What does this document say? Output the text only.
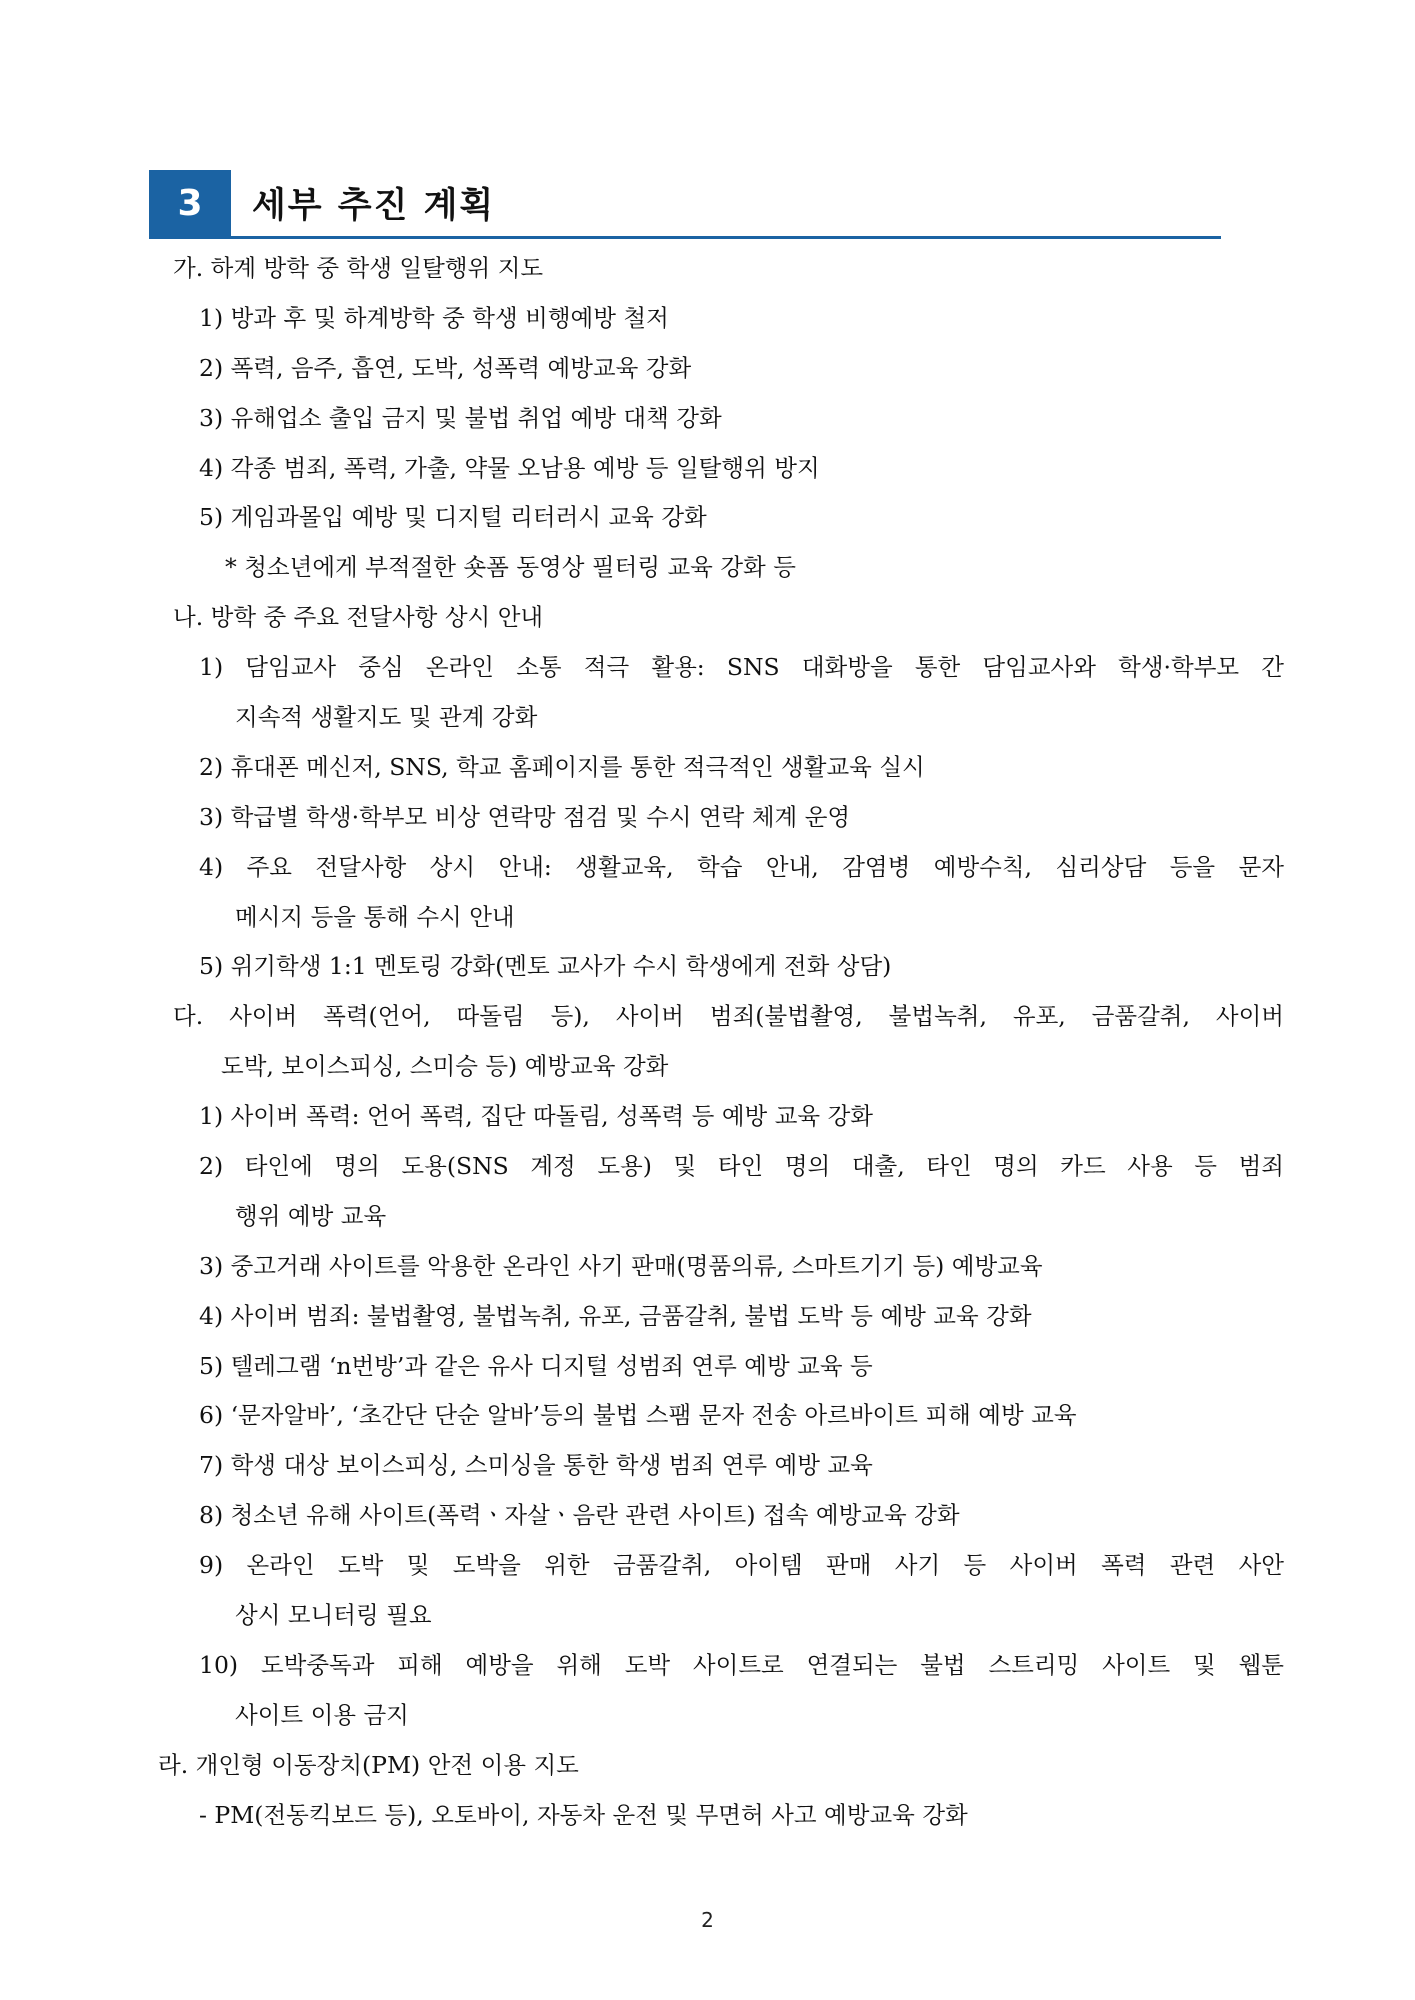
3	세부 추진 계획
가. 하계 방학 중 학생 일탈행위 지도
1) 방과 후 및 하계방학 중 학생 비행예방 철저
2) 폭력, 음주, 흡연, 도박, 성폭력 예방교육 강화
3) 유해업소 출입 금지 및 불법 취업 예방 대책 강화
4) 각종 범죄, 폭력, 가출, 약물 오남용 예방 등 일탈행위 방지
5) 게임과몰입 예방 및 디지털 리터러시 교육 강화
* 청소년에게 부적절한 숏폼 동영상 필터링 교육 강화 등
나. 방학 중 주요 전달사항 상시 안내
1) 담임교사 중심 온라인 소통 적극 활용: SNS 대화방을 통한 담임교사와 학생·학부모 간
지속적 생활지도 및 관계 강화
2) 휴대폰 메신저, SNS, 학교 홈페이지를 통한 적극적인 생활교육 실시
3) 학급별 학생·학부모 비상 연락망 점검 및 수시 연락 체계 운영
4) 주요 전달사항 상시 안내: 생활교육, 학습 안내, 감염병 예방수칙, 심리상담 등을 문자
메시지 등을 통해 수시 안내
5) 위기학생 1:1 멘토링 강화(멘토 교사가 수시 학생에게 전화 상담)
다. 사이버 폭력(언어, 따돌림 등), 사이버 범죄(불법촬영, 불법녹취, 유포, 금품갈취, 사이버
도박, 보이스피싱, 스미승 등) 예방교육 강화
1) 사이버 폭력: 언어 폭력, 집단 따돌림, 성폭력 등 예방 교육 강화
2) 타인에 명의 도용(SNS 계정 도용) 및 타인 명의 대출, 타인 명의 카드 사용 등 범죄
행위 예방 교육
3) 중고거래 사이트를 악용한 온라인 사기 판매(명품의류, 스마트기기 등) 예방교육
4) 사이버 범죄: 불법촬영, 불법녹취, 유포, 금품갈취, 불법 도박 등 예방 교육 강화
5) 텔레그램 ‘n번방’과 같은 유사 디지털 성범죄 연루 예방 교육 등
6) ‘문자알바’, ‘초간단 단순 알바’등의 불법 스팸 문자 전송 아르바이트 피해 예방 교육
7) 학생 대상 보이스피싱, 스미싱을 통한 학생 범죄 연루 예방 교육
8) 청소년 유해 사이트(폭력ㆍ자살ㆍ음란 관련 사이트) 접속 예방교육 강화
9) 온라인 도박 및 도박을 위한 금품갈취, 아이템 판매 사기 등 사이버 폭력 관련 사안
상시 모니터링 필요
10) 도박중독과 피해 예방을 위해 도박 사이트로 연결되는 불법 스트리밍 사이트 및 웹툰
사이트 이용 금지
라. 개인형 이동장치(PM) 안전 이용 지도
- PM(전동킥보드 등), 오토바이, 자동차 운전 및 무면허 사고 예방교육 강화
2
